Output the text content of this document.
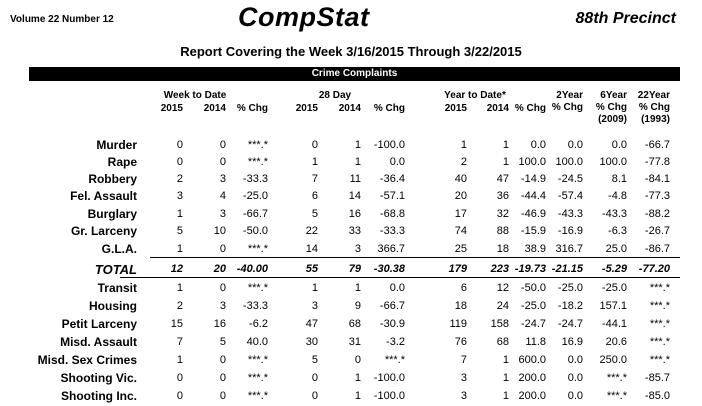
Volume 22 Number 12	CompStat	88th Precinct
Report Covering the Week 3/16/2015 Through 3/22/2015
Crime Complaints
Week to Date	28 Day	Year to Date*
2015	2014	% Chg	2015	2014	% Chg	2015	2014 % Chg
2Year
% Chg
6Year
% Chg
(2009)
22Year
% Chg
(1993)
Murder	0	0	***.*	0	1	-100.0	1	1	0.0	0.0	0.0	-66.7
Rape	0	0	***.*	1	1	0.0	2	1 100.0 100.0	100.0	-77.8
Robbery	2	3	-33.3	7	11	-36.4	40	47	-14.9	-24.5	8.1	-84.1
Fel. Assault	3	4	-25.0	6	14	-57.1	20	36	-44.4	-57.4	-4.8	-77.3
Burglary	1	3	-66.7	5	16	-68.8	17	32	-46.9	-43.3	-43.3	-88.2
Gr. Larceny	5	10	-50.0	22	33	-33.3	74	88	-15.9	-16.9	-6.3	-26.7
G.L.A.	1	0	***.*	14	3	366.7	25	18	38.9 316.7	25.0	-86.7
TOTAL	12	20 -40.00	55	79	-30.38	179	223 -19.73 -21.15	-5.29	-77.20
Transit	1	0	***.*	1	1	0.0	6	12	-50.0	-25.0	-25.0	***.*
Housing	2	3	-33.3	3	9	-66.7	18	24	-25.0	-18.2	157.1	***.*
Petit Larceny	15	16	-6.2	47	68	-30.9	119	158	-24.7	-24.7	-44.1	***.*
Misd. Assault	7	5	40.0	30	31	-3.2	76	68	11.8	16.9	20.6	***.*
Misd. Sex Crimes	1	0	***.*	5	0	***.*	7	1 600.0	0.0	250.0	***.*
Shooting Vic.	0	0	***.*	0	1	-100.0	3	1 200.0	0.0	***.*	-85.7
Shooting Inc.	0	0	***.*	0	1	-100.0	3	1 200.0	0.0	***.*	-85.0
